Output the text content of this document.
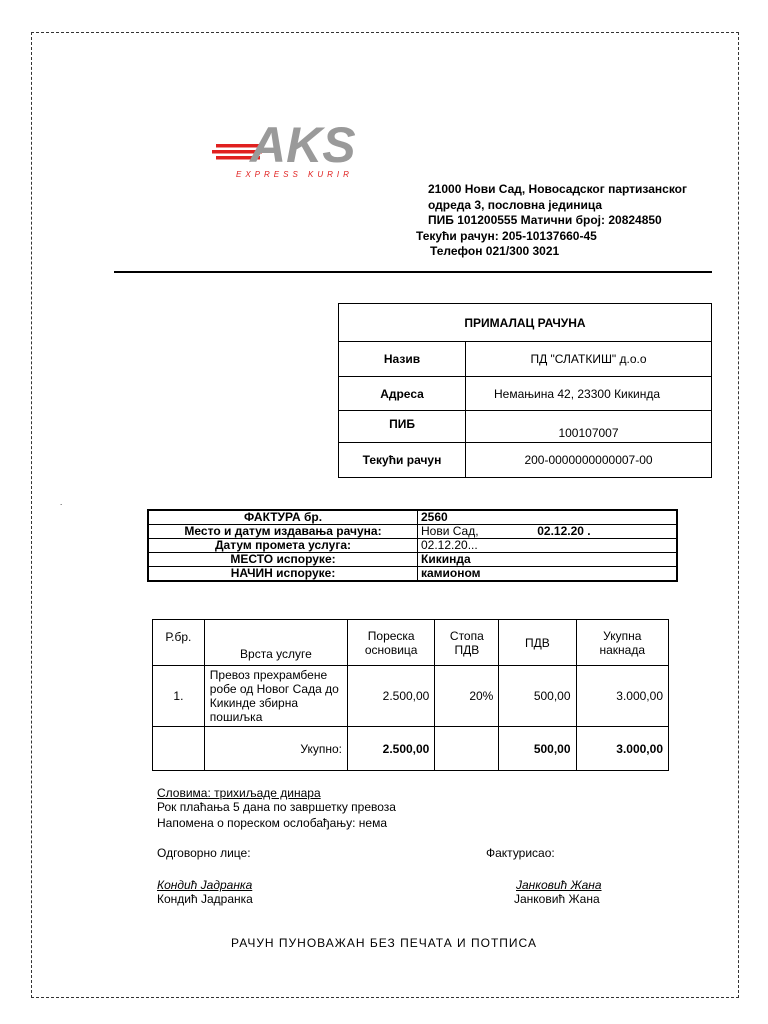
AKS
EXPRESS KURIR
21000 Нови Сад, Новосадског партизанског
одреда 3, пословна јединица
ПИБ 101200555 Матични број: 20824850
Текући рачун: 205-10137660-45
Телефон 021/300 3021
ПРИМАЛАЦ РАЧУНА	
Назив	ПД "СЛАТКИШ" д.о.о
Адреса	Немањина 42, 23300 Кикинда
ПИБ	100107007
Текући рачун	200-0000000000007-00
.
ФАКТУРА бр.	2560
Место и датум издавања рачуна:	Нови Сад, 02.12.20 .
Датум промета услуга:	02.12.20...
МЕСТО испоруке:	Кикинда
НАЧИН испоруке:	камионом
Р.бр.	Врста услуге	Пореска основица	Стопа ПДВ	ПДВ	Укупна накнада
1.	Превоз прехрамбене робе од Новог Сада до Кикинде збирна пошиљка	2.500,00	20%	500,00	3.000,00
	Укупно:	2.500,00		500,00	3.000,00
Словима: трихиљаде динара
Рок плаћања 5 дана по завршетку превоза
Напомена о пореском ослобађању: нема
Одговорно лице:	Фактурисао:
Кондић Јадранка
Кондић Јадранка
Јанковић Жана
Јанковић Жана
РАЧУН ПУНОВАЖАН БЕЗ ПЕЧАТА И ПОТПИСА
